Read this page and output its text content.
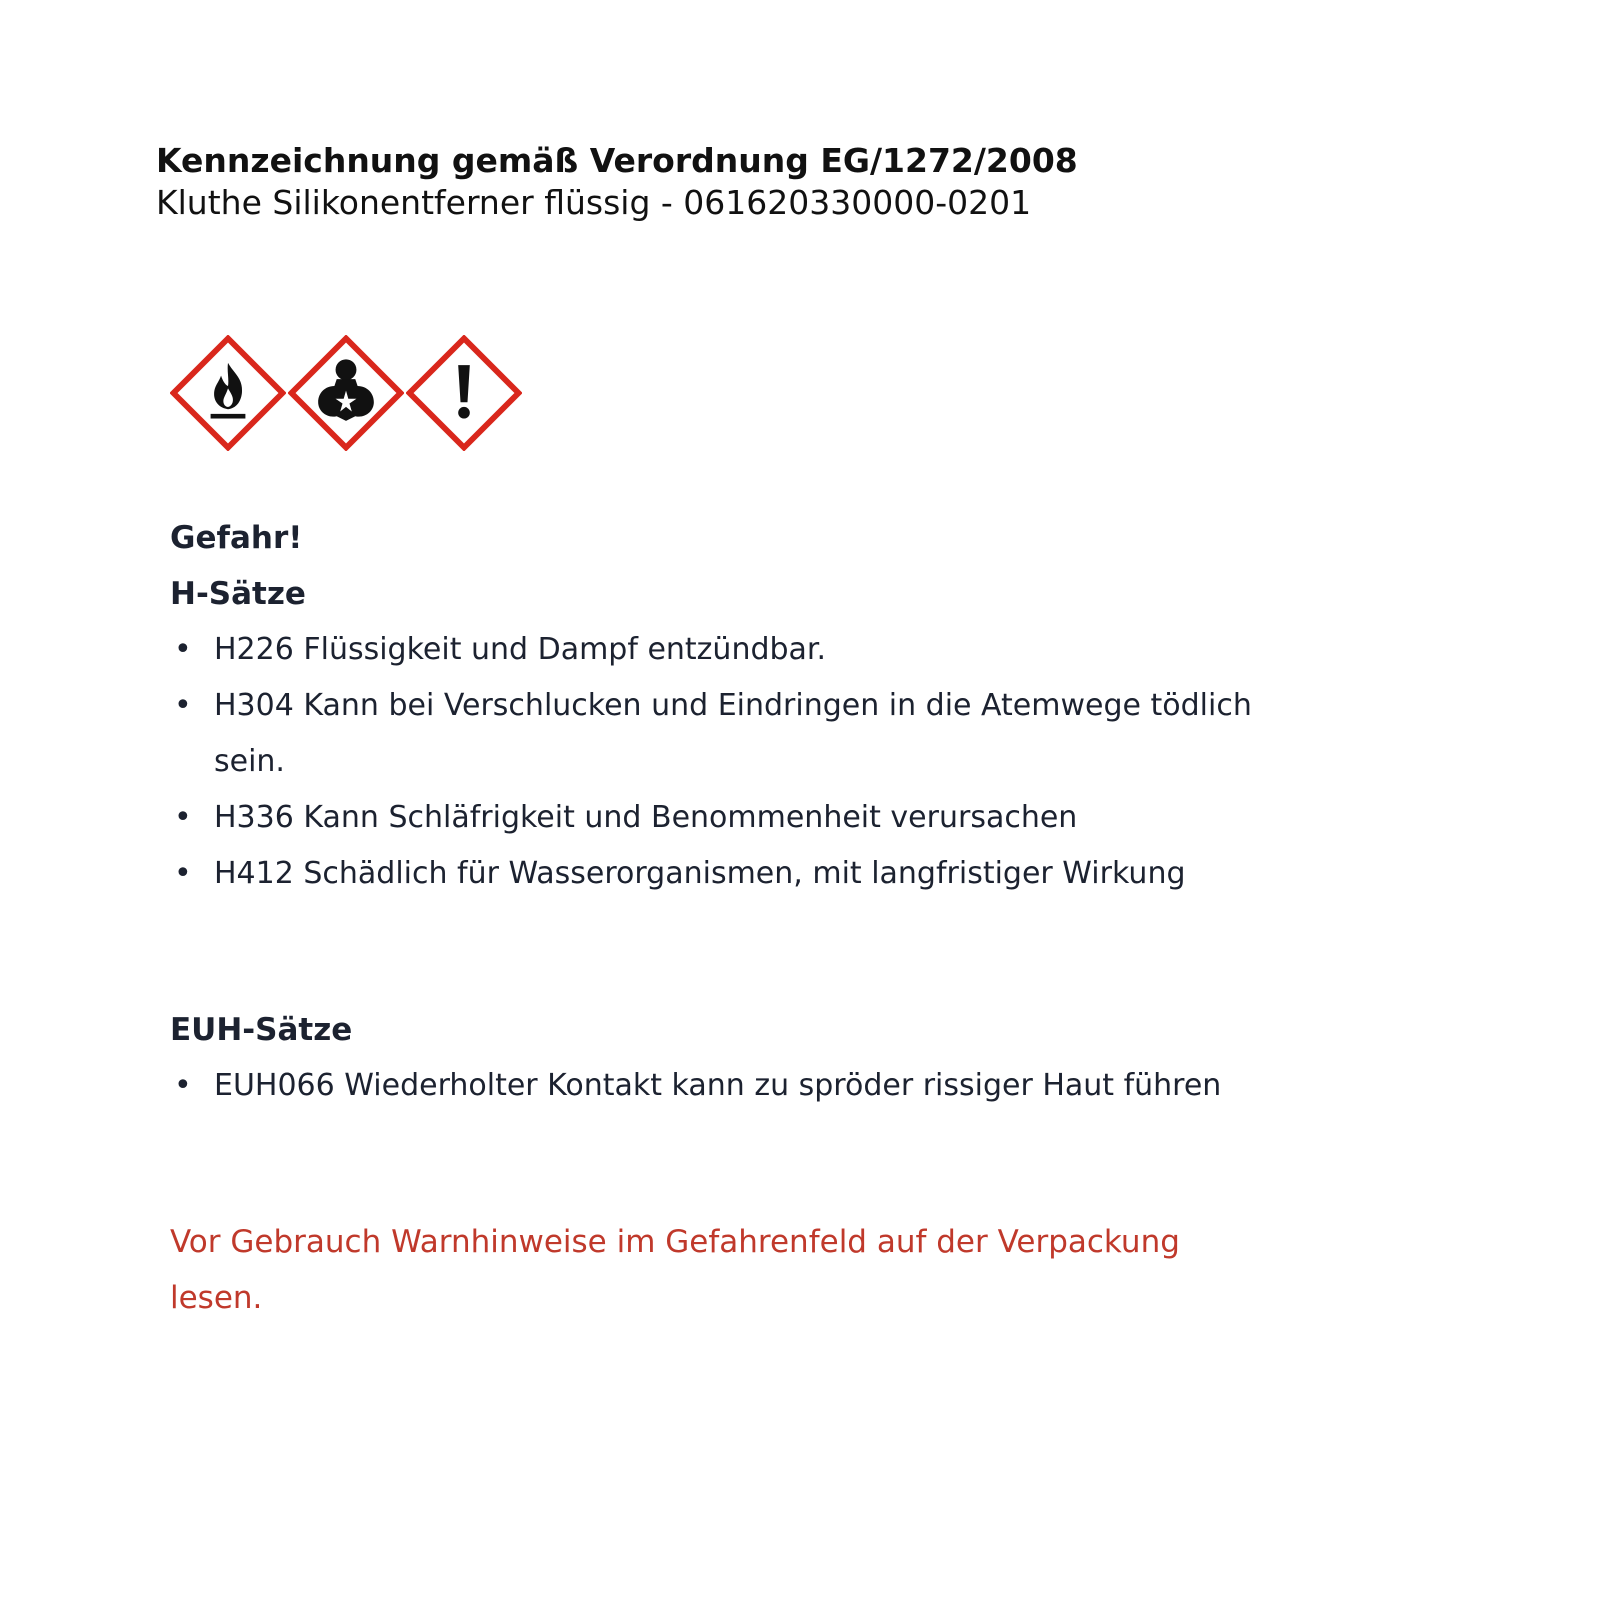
Kennzeichnung gemäß Verordnung EG/1272/2008
Kluthe Silikonentferner flüssig - 061620330000-0201
Gefahr!
H-Sätze
• H226 Flüssigkeit und Dampf entzündbar.
• H304 Kann bei Verschlucken und Eindringen in die Atemwege tödlich sein.
• H336 Kann Schläfrigkeit und Benommenheit verursachen
• H412 Schädlich für Wasserorganismen, mit langfristiger Wirkung
EUH-Sätze
• EUH066 Wiederholter Kontakt kann zu spröder rissiger Haut führen
Vor Gebrauch Warnhinweise im Gefahrenfeld auf der Verpackung lesen.
